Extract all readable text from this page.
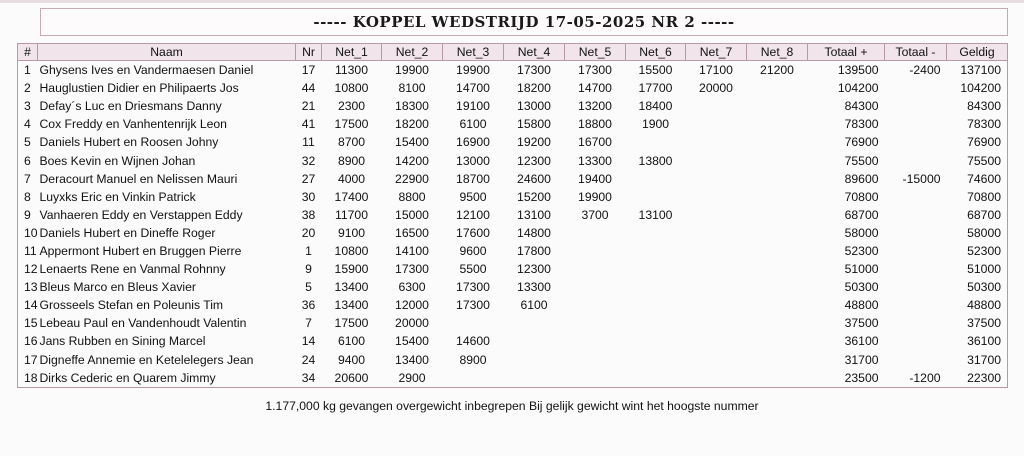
----- KOPPEL WEDSTRIJD 17-05-2025 NR 2 -----
#	Naam	Nr	Net_1	Net_2	Net_3	Net_4	Net_5	Net_6	Net_7	Net_8	Totaal +	Totaal -	Geldig
1	Ghysens Ives en Vandermaesen Daniel	17	11300	19900	19900	17300	17300	15500	17100	21200	139500	-2400	137100
2	Hauglustien Didier en Philipaerts Jos	44	10800	8100	14700	18200	14700	17700	20000		104200		104200
3	Defay´s Luc en Driesmans Danny	21	2300	18300	19100	13000	13200	18400			84300		84300
4	Cox Freddy en Vanhentenrijk Leon	41	17500	18200	6100	15800	18800	1900			78300		78300
5	Daniels Hubert en Roosen Johny	11	8700	15400	16900	19200	16700				76900		76900
6	Boes Kevin en Wijnen Johan	32	8900	14200	13000	12300	13300	13800			75500		75500
7	Deracourt Manuel en Nelissen Mauri	27	4000	22900	18700	24600	19400				89600	-15000	74600
8	Luyxks Eric en Vinkin Patrick	30	17400	8800	9500	15200	19900				70800		70800
9	Vanhaeren Eddy en Verstappen Eddy	38	11700	15000	12100	13100	3700	13100			68700		68700
10	Daniels Hubert en Dineffe Roger	20	9100	16500	17600	14800					58000		58000
11	Appermont Hubert en Bruggen Pierre	1	10800	14100	9600	17800					52300		52300
12	Lenaerts Rene en Vanmal Rohnny	9	15900	17300	5500	12300					51000		51000
13	Bleus Marco en Bleus Xavier	5	13400	6300	17300	13300					50300		50300
14	Grosseels Stefan en Poleunis Tim	36	13400	12000	17300	6100					48800		48800
15	Lebeau Paul en Vandenhoudt Valentin	7	17500	20000							37500		37500
16	Jans Rubben en Sining Marcel	14	6100	15400	14600						36100		36100
17	Digneffe Annemie en Ketelelegers Jean	24	9400	13400	8900						31700		31700
18	Dirks Cederic en Quarem Jimmy	34	20600	2900							23500	-1200	22300
1.177,000 kg gevangen overgewicht inbegrepen Bij gelijk gewicht wint het hoogste nummer
